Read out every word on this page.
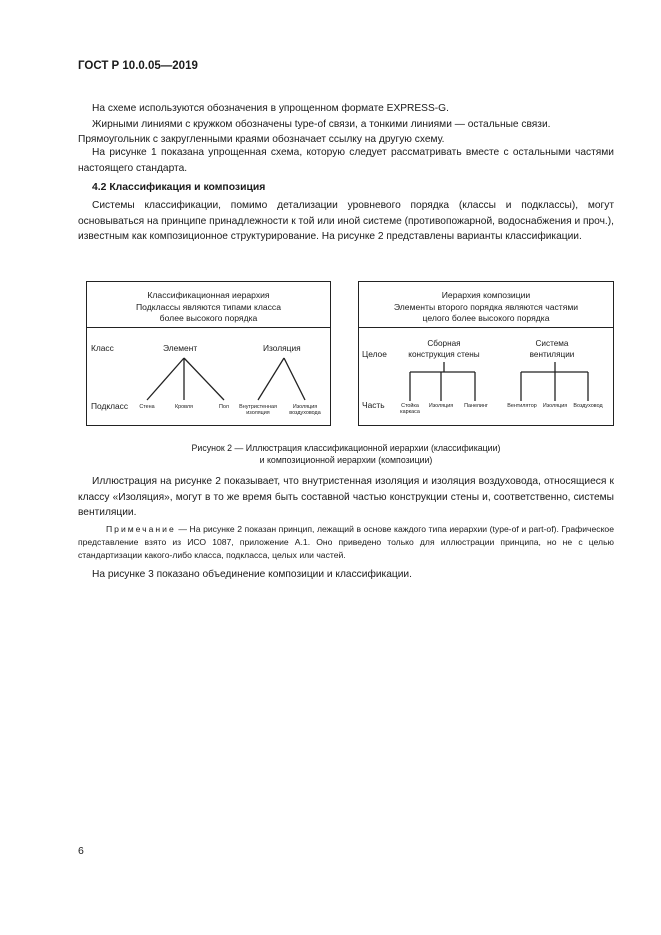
ГОСТ Р 10.0.05—2019
На схеме используются обозначения в упрощенном формате EXPRESS-G.
Жирными линиями с кружком обозначены type-of связи, а тонкими линиями — остальные связи.
Прямоугольник с закругленными краями обозначает ссылку на другую схему.
На рисунке 1 показана упрощенная схема, которую следует рассматривать вместе с остальными частями настоящего стандарта.
4.2 Классификация и композиция
Системы классификации, помимо детализации уровневого порядка (классы и подклассы), могут основываться на принципе принадлежности к той или иной системе (противопожарной, водоснабжения и проч.), известным как композиционное структурирование. На рисунке 2 представлены варианты классификации.
Классификационная иерархия
Подклассы являются типами класса
более высокого порядка
Класс
Подкласс
Элемент	Изоляция
Стена	Кровля	Пол	Внутристенная
изоляция
Изоляция
воздуховода
Иерархия композиции
Элементы второго порядка являются частями
целого более высокого порядка
Целое
Часть
Сборная
конструкция стены
Система
вентиляции
Стойка
каркаса
Изоляция	Панелинг	Вентилятор	Изоляция	Воздуховод
Рисунок 2 — Иллюстрация классификационной иерархии (классификации)
и композиционной иерархии (композиции)
Иллюстрация на рисунке 2 показывает, что внутристенная изоляция и изоляция воздуховода, относящиеся к классу «Изоляция», могут в то же время быть составной частью конструкции стены и, соответственно, системы вентиляции.
Примечание — На рисунке 2 показан принцип, лежащий в основе каждого типа иерархии (type-of и part-of). Графическое представление взято из ИСО 1087, приложение А.1. Оно приведено только для иллюстрации принципа, но не с целью стандартизации какого-либо класса, подкласса, целых или частей.
На рисунке 3 показано объединение композиции и классификации.
6
